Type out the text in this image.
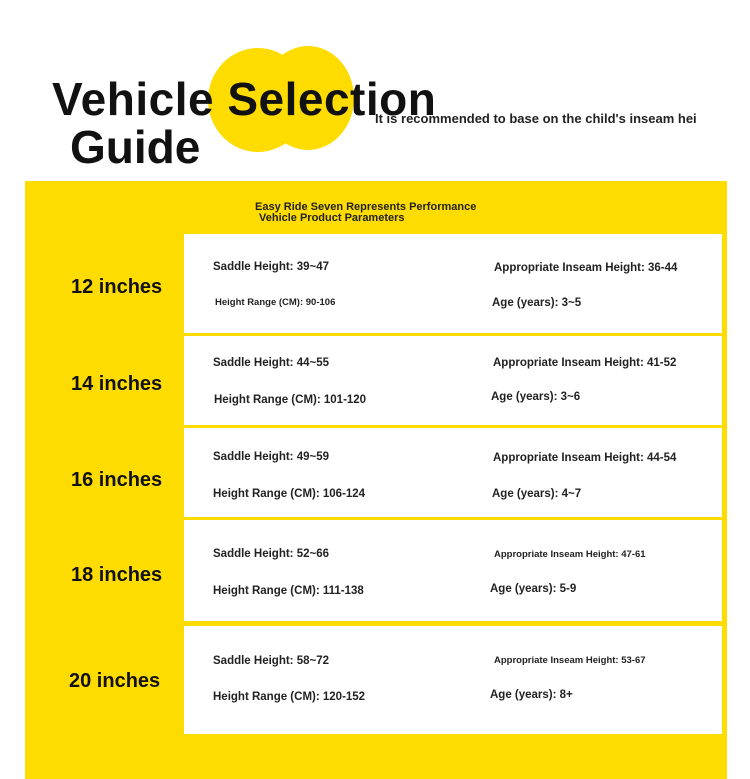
Vehicle Selection
Guide
It is recommended to base on the child's inseam hei
Easy Ride Seven Represents Performance
Vehicle Product Parameters
12 inches
Saddle Height: 39~47
Height Range (CM): 90-106
Appropriate Inseam Height: 36-44
Age (years): 3~5
14 inches
Saddle Height: 44~55
Height Range (CM): 101-120
Appropriate Inseam Height: 41-52
Age (years): 3~6
16 inches
Saddle Height: 49~59
Height Range (CM): 106-124
Appropriate Inseam Height: 44-54
Age (years): 4~7
18 inches
Saddle Height: 52~66
Height Range (CM): 111-138
Appropriate Inseam Height: 47-61
Age (years): 5-9
20 inches
Saddle Height: 58~72
Height Range (CM): 120-152
Appropriate Inseam Height: 53-67
Age (years): 8+
